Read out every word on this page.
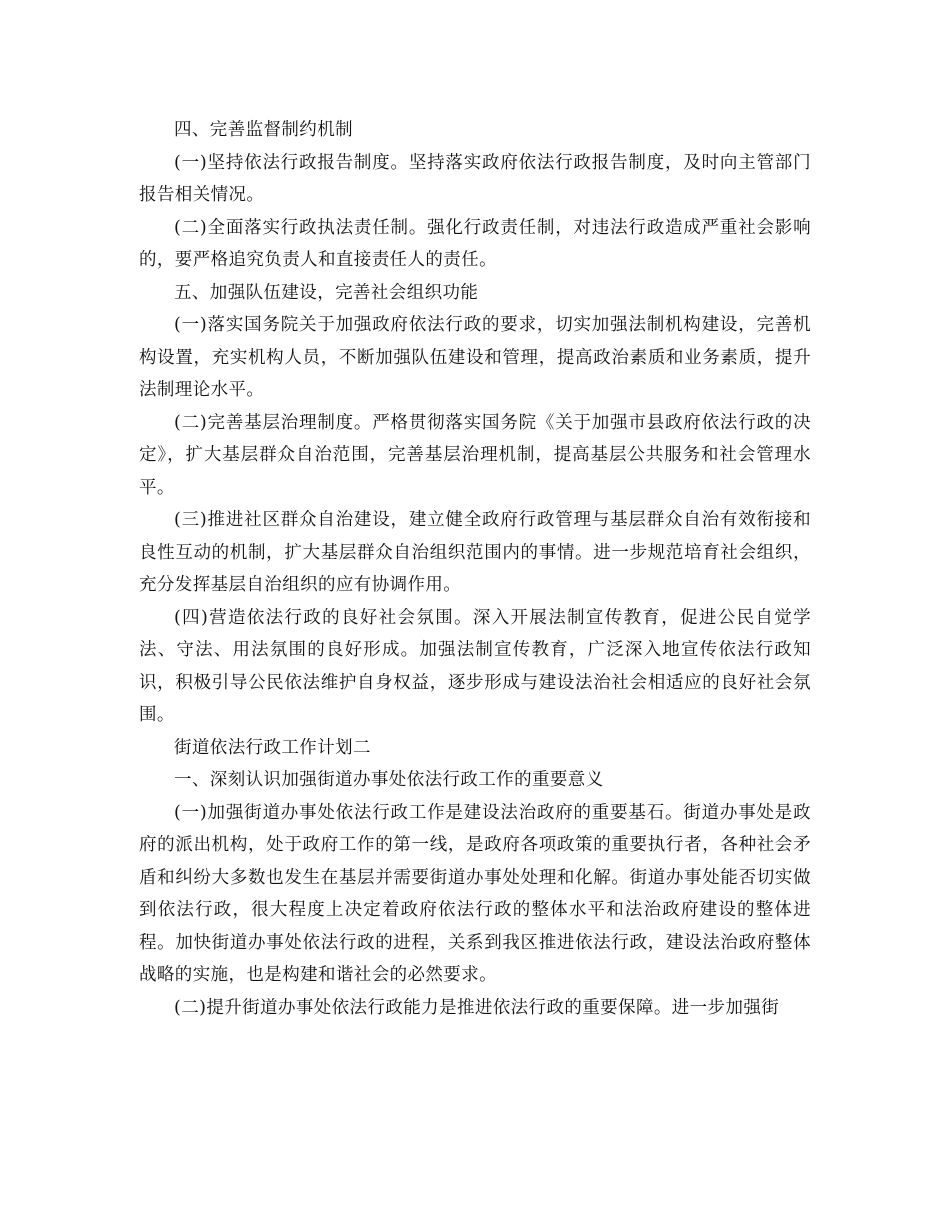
四、完善监督制约机制

(一)坚持依法行政报告制度。坚持落实政府依法行政报告制度，及时向主管部门报告相关情况。

(二)全面落实行政执法责任制。强化行政责任制，对违法行政造成严重社会影响的，要严格追究负责人和直接责任人的责任。

五、加强队伍建设，完善社会组织功能

(一)落实国务院关于加强政府依法行政的要求，切实加强法制机构建设，完善机构设置，充实机构人员，不断加强队伍建设和管理，提高政治素质和业务素质，提升法制理论水平。

(二)完善基层治理制度。严格贯彻落实国务院《关于加强市县政府依法行政的决定》，扩大基层群众自治范围，完善基层治理机制，提高基层公共服务和社会管理水平。

(三)推进社区群众自治建设，建立健全政府行政管理与基层群众自治有效衔接和良性互动的机制，扩大基层群众自治组织范围内的事情。进一步规范培育社会组织，充分发挥基层自治组织的应有协调作用。

(四)营造依法行政的良好社会氛围。深入开展法制宣传教育，促进公民自觉学法、守法、用法氛围的良好形成。加强法制宣传教育，广泛深入地宣传依法行政知识，积极引导公民依法维护自身权益，逐步形成与建设法治社会相适应的良好社会氛围。

街道依法行政工作计划二

一、深刻认识加强街道办事处依法行政工作的重要意义

(一)加强街道办事处依法行政工作是建设法治政府的重要基石。街道办事处是政府的派出机构，处于政府工作的第一线，是政府各项政策的重要执行者，各种社会矛盾和纠纷大多数也发生在基层并需要街道办事处处理和化解。街道办事处能否切实做到依法行政，很大程度上决定着政府依法行政的整体水平和法治政府建设的整体进程。加快街道办事处依法行政的进程，关系到我区推进依法行政，建设法治政府整体战略的实施，也是构建和谐社会的必然要求。

(二)提升街道办事处依法行政能力是推进依法行政的重要保障。进一步加强街
